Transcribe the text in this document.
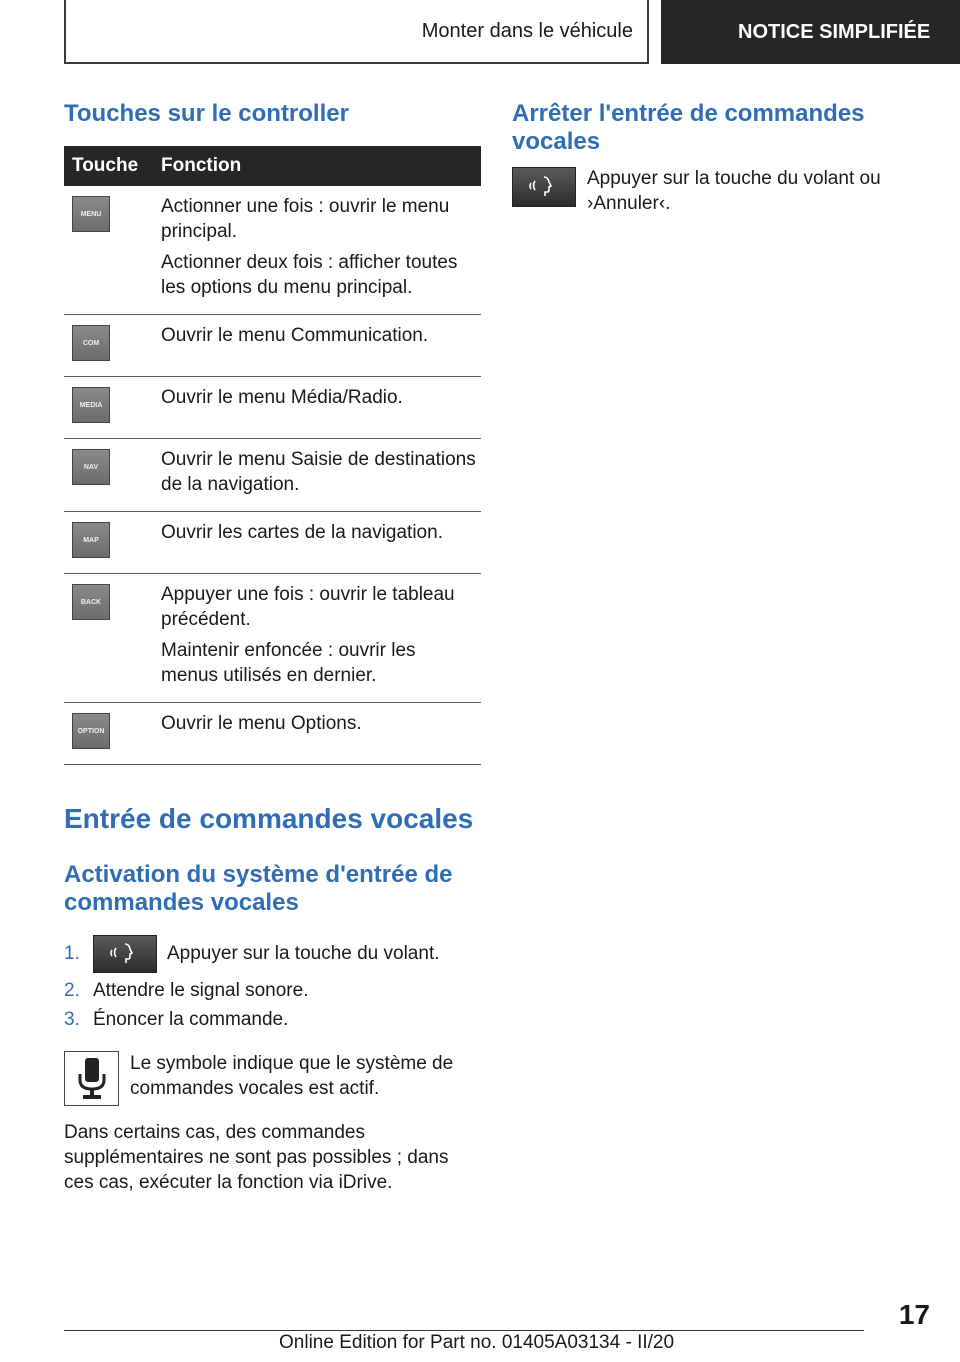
Monter dans le véhicule	NOTICE SIMPLIFIÉE
Touches sur le controller
Touche	Fonction

MENU	Actionner une fois : ouvrir le menu principal.

Actionner deux fois : afficher toutes les options du menu principal.

COM	Ouvrir le menu Communication.

MEDIA	Ouvrir le menu Média/Radio.

NAV	Ouvrir le menu Saisie de destinations de la navigation.

MAP	Ouvrir les cartes de la navigation.

BACK	Appuyer une fois : ouvrir le tableau précédent.

Maintenir enfoncée : ouvrir les menus utilisés en dernier.

OPTION	Ouvrir le menu Options.

Entrée de commandes vocales
Activation du système d'entrée de commandes vocales
1.	Appuyer sur la touche du volant.
2. Attendre le signal sonore.
3. Énoncer la commande.
Le symbole indique que le système de commandes vocales est actif.
Dans certains cas, des commandes supplémentaires ne sont pas possibles ; dans ces cas, exécuter la fonction via iDrive.
Arrêter l'entrée de commandes vocales
Appuyer sur la touche du volant ou ›Annuler‹.
17
Online Edition for Part no. 01405A03134 - II/20
